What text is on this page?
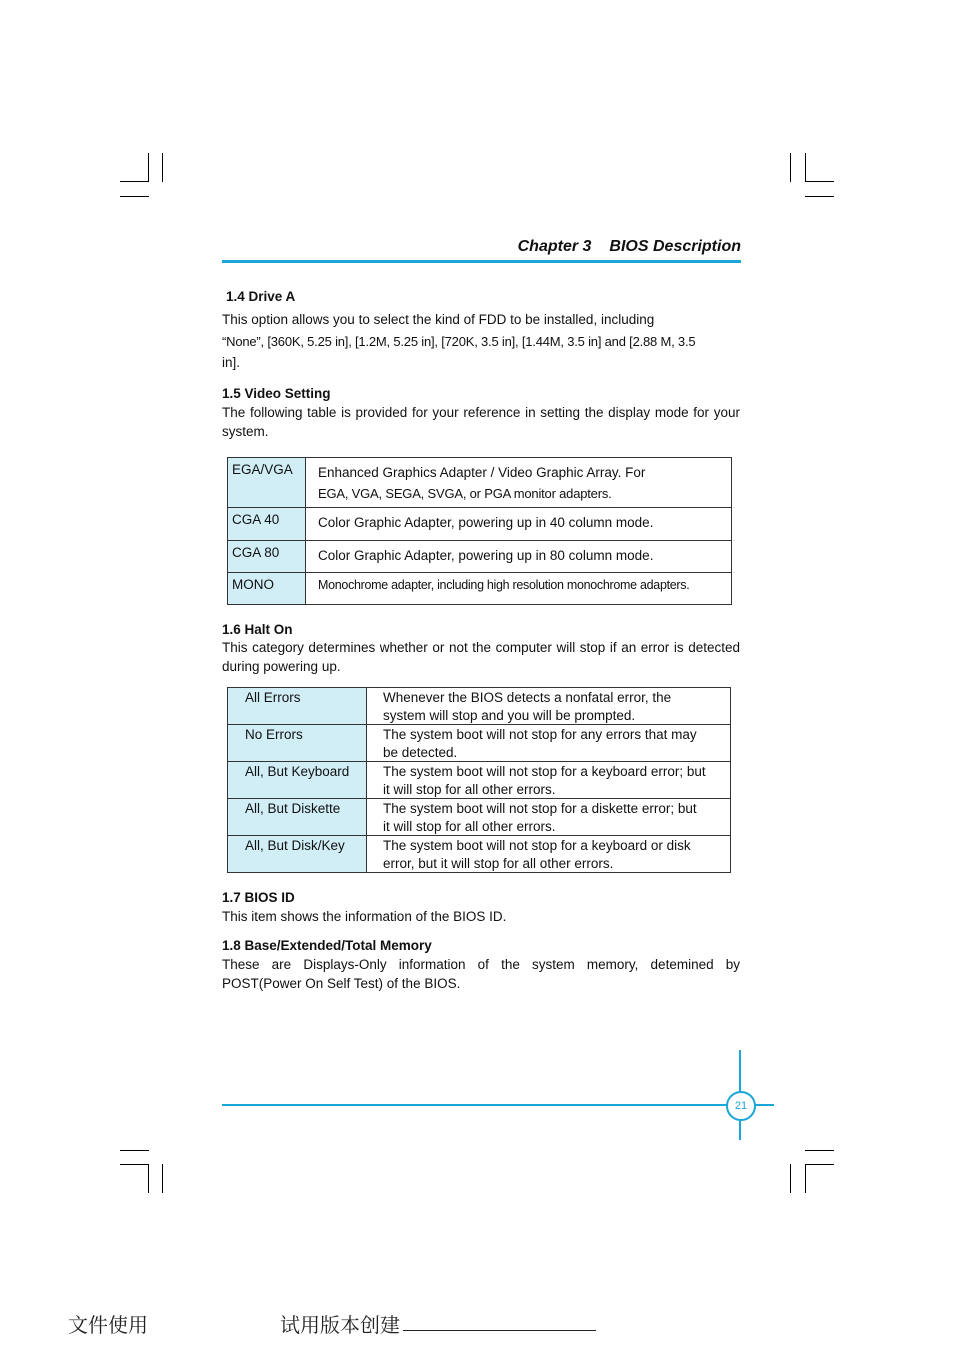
Chapter 3 BIOS Description
1.4 Drive A
This option allows you to select the kind of FDD to be installed, including
“None”, [360K, 5.25 in], [1.2M, 5.25 in], [720K, 3.5 in], [1.44M, 3.5 in] and [2.88 M, 3.5
in].
1.5 Video Setting
The following table is provided for your reference in setting the display mode for your system.
EGA/VGA	Enhanced Graphics Adapter / Video Graphic Array. For
EGA, VGA, SEGA, SVGA, or PGA monitor adapters.

CGA 40	Color Graphic Adapter, powering up in 40 column mode.

CGA 80	Color Graphic Adapter, powering up in 80 column mode.

MONO	Monochrome adapter, including high resolution monochrome adapters.
1.6 Halt On
This category determines whether or not the computer will stop if an error is detected during powering up.
All Errors	Whenever the BIOS detects a nonfatal error, the
system will stop and you will be prompted.

No Errors	The system boot will not stop for any errors that may
be detected.

All, But Keyboard	The system boot will not stop for a keyboard error; but
it will stop for all other errors.

All, But Diskette	The system boot will not stop for a diskette error; but
it will stop for all other errors.

All, But Disk/Key	The system boot will not stop for a keyboard or disk
error, but it will stop for all other errors.
1.7 BIOS ID
This item shows the information of the BIOS ID.
1.8 Base/Extended/Total Memory
These are Displays-Only information of the system memory, detemined by POST(Power On Self Test) of the BIOS.
21
文件使用	试用版本创建
